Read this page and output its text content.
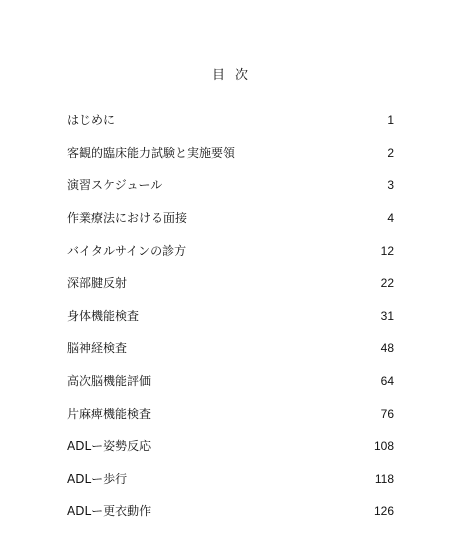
目次
はじめに	1
客観的臨床能力試験と実施要領	2
演習スケジュール	3
作業療法における面接	4
バイタルサインの診方	12
深部腱反射	22
身体機能検査	31
脳神経検査	48
高次脳機能評価	64
片麻痺機能検査	76
ADLー姿勢反応	108
ADLー歩行	118
ADLー更衣動作	126
